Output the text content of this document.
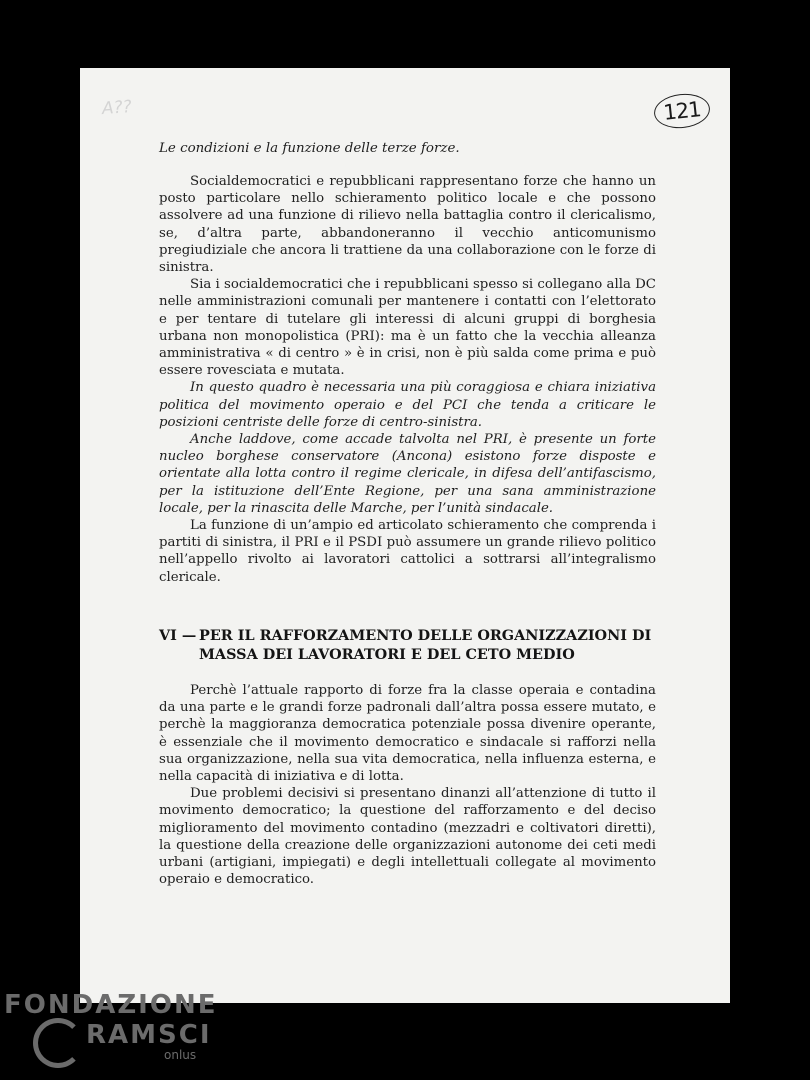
A??	121
Le condizioni e la funzione delle terze forze.

Socialdemocratici e repubblicani rappresentano forze che hanno un posto particolare nello schieramento politico locale e che possono assolvere ad una funzione di rilievo nella battaglia contro il clericalismo, se, d’altra parte, abbandoneranno il vecchio anticomunismo pregiudiziale che ancora li trattiene da una collaborazione con le forze di sinistra.

Sia i socialdemocratici che i repubblicani spesso si collegano alla DC nelle amministrazioni comunali per mantenere i contatti con l’elettorato e per tentare di tutelare gli interessi di alcuni gruppi di borghesia urbana non monopolistica (PRI): ma è un fatto che la vecchia alleanza amministrativa « di centro » è in crisi, non è più salda come prima e può essere rovesciata e mutata.

In questo quadro è necessaria una più coraggiosa e chiara iniziativa politica del movimento operaio e del PCI che tenda a criticare le posizioni centriste delle forze di centro-sinistra.

Anche laddove, come accade talvolta nel PRI, è presente un forte nucleo borghese conservatore (Ancona) esistono forze disposte e orientate alla lotta contro il regime clericale, in difesa dell’antifascismo, per la istituzione dell’Ente Regione, per una sana amministrazione locale, per la rinascita delle Marche, per l’unità sindacale.

La funzione di un’ampio ed articolato schieramento che comprenda i partiti di sinistra, il PRI e il PSDI può assumere un grande rilievo politico nell’appello rivolto ai lavoratori cattolici a sottrarsi all’integralismo clericale.

VI — PER IL RAFFORZAMENTO DELLE ORGANIZZAZIONI DI
MASSA DEI LAVORATORI E DEL CETO MEDIO

Perchè l’attuale rapporto di forze fra la classe operaia e contadina da una parte e le grandi forze padronali dall’altra possa essere mutato, e perchè la maggioranza democratica potenziale possa divenire operante, è essenziale che il movimento democratico e sindacale si rafforzi nella sua organizzazione, nella sua vita democratica, nella influenza esterna, e nella capacità di iniziativa e di lotta.

Due problemi decisivi si presentano dinanzi all’attenzione di tutto il movimento democratico; la questione del rafforzamento e del deciso miglioramento del movimento contadino (mezzadri e coltivatori diretti), la questione della creazione delle organizzazioni autonome dei ceti medi urbani (artigiani, impiegati) e degli intellettuali collegate al movimento operaio e democratico.

FONDAZIONE
RAMSCI
onlus
